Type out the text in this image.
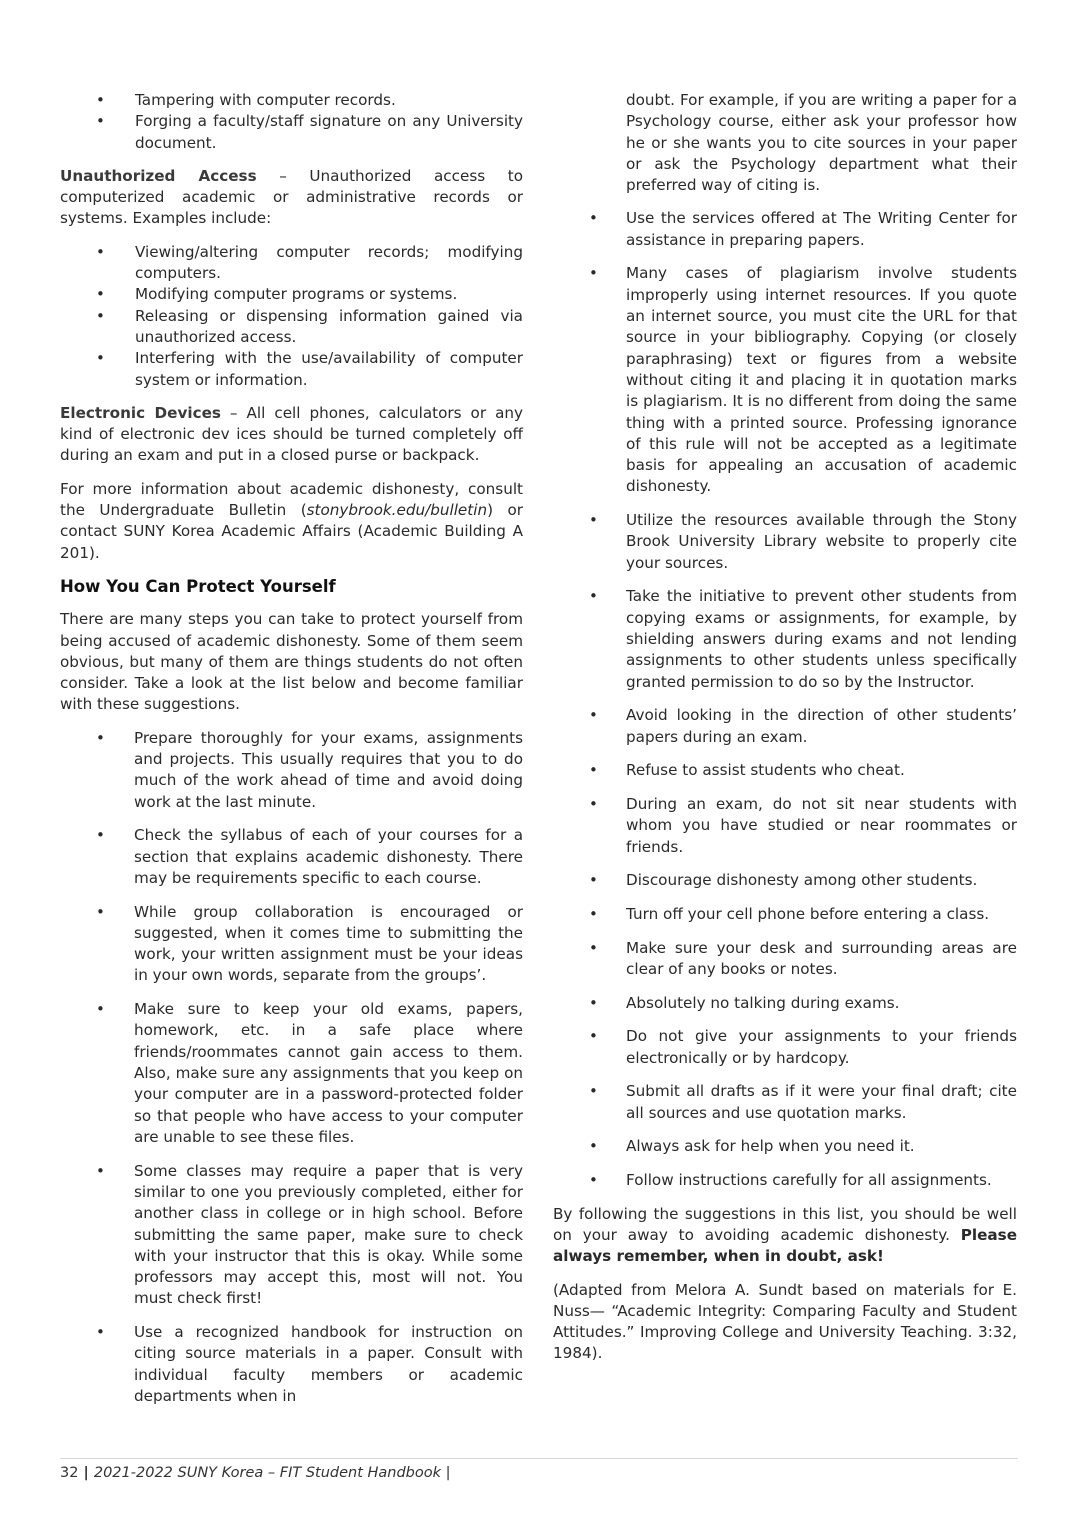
• Tampering with computer records.
• Forging a faculty/staff signature on any University document.

Unauthorized Access – Unauthorized access to computerized academic or administrative records or systems. Examples include:

• Viewing/altering computer records; modifying computers.
• Modifying computer programs or systems.
• Releasing or dispensing information gained via unauthorized access.
• Interfering with the use/availability of computer system or information.

Electronic Devices – All cell phones, calculators or any kind of electronic dev ices should be turned completely off during an exam and put in a closed purse or backpack.

For more information about academic dishonesty, consult the Undergraduate Bulletin (stonybrook.edu/bulletin) or contact SUNY Korea Academic Affairs (Academic Building A 201).

How You Can Protect Yourself

There are many steps you can take to protect yourself from being accused of academic dishonesty. Some of them seem obvious, but many of them are things students do not often consider. Take a look at the list below and become familiar with these suggestions.

• Prepare thoroughly for your exams, assignments and projects. This usually requires that you to do much of the work ahead of time and avoid doing work at the last minute.
• Check the syllabus of each of your courses for a section that explains academic dishonesty. There may be requirements specific to each course.
• While group collaboration is encouraged or suggested, when it comes time to submitting the work, your written assignment must be your ideas in your own words, separate from the groups’.
• Make sure to keep your old exams, papers, homework, etc. in a safe place where friends/roommates cannot gain access to them. Also, make sure any assignments that you keep on your computer are in a password-protected folder so that people who have access to your computer are unable to see these files.
• Some classes may require a paper that is very similar to one you previously completed, either for another class in college or in high school. Before submitting the same paper, make sure to check with your instructor that this is okay. While some professors may accept this, most will not. You must check first!
• Use a recognized handbook for instruction on citing source materials in a paper. Consult with individual faculty members or academic departments when in

doubt. For example, if you are writing a paper for a Psychology course, either ask your professor how he or she wants you to cite sources in your paper or ask the Psychology department what their preferred way of citing is.

• Use the services offered at The Writing Center for assistance in preparing papers.
• Many cases of plagiarism involve students improperly using internet resources. If you quote an internet source, you must cite the URL for that source in your bibliography. Copying (or closely paraphrasing) text or figures from a website without citing it and placing it in quotation marks is plagiarism. It is no different from doing the same thing with a printed source. Professing ignorance of this rule will not be accepted as a legitimate basis for appealing an accusation of academic dishonesty.
• Utilize the resources available through the Stony Brook University Library website to properly cite your sources.
• Take the initiative to prevent other students from copying exams or assignments, for example, by shielding answers during exams and not lending assignments to other students unless specifically granted permission to do so by the Instructor.
• Avoid looking in the direction of other students’ papers during an exam.
• Refuse to assist students who cheat.
• During an exam, do not sit near students with whom you have studied or near roommates or friends.
• Discourage dishonesty among other students.
• Turn off your cell phone before entering a class.
• Make sure your desk and surrounding areas are clear of any books or notes.
• Absolutely no talking during exams.
• Do not give your assignments to your friends electronically or by hardcopy.
• Submit all drafts as if it were your final draft; cite all sources and use quotation marks.
• Always ask for help when you need it.
• Follow instructions carefully for all assignments.

By following the suggestions in this list, you should be well on your away to avoiding academic dishonesty. Please always remember, when in doubt, ask!

(Adapted from Melora A. Sundt based on materials for E. Nuss— “Academic Integrity: Comparing Faculty and Student Attitudes.” Improving College and University Teaching. 3:32, 1984).

32 | 2021-2022 SUNY Korea – FIT Student Handbook |
